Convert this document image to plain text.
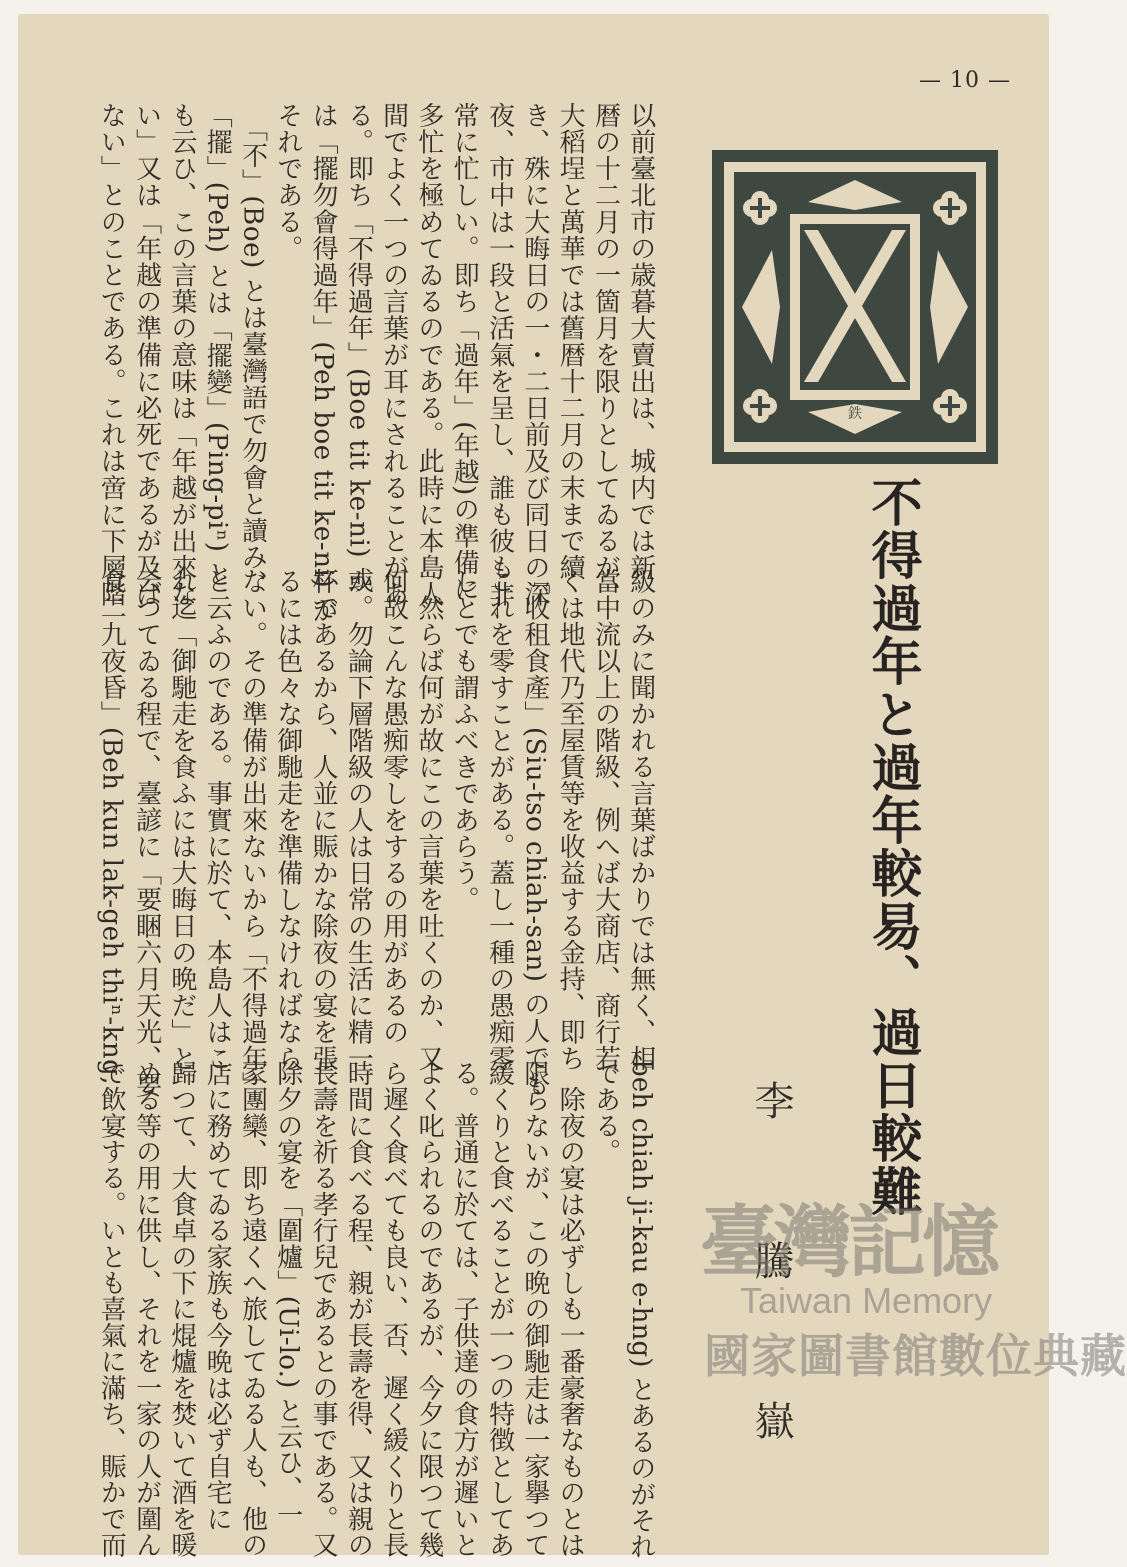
— 10 —
鉄
以前臺北市の歳暮大賣出は、城内では新
暦の十二月の一箇月を限りとしてゐるが、
大稻埕と萬華では舊暦十二月の末まで續
き、殊に大晦日の一・二日前及び同日の深
夜、市中は一段と活氣を呈し、誰も彼も非
常に忙しい。即ち「過年」(年越)の準備に
多忙を極めてゐるのである。此時に本島人
間でよく一つの言葉が耳にされることがあ
る。即ち「不得過年」(Boe tit ke-ni)
は「擺勿會得過年」(Peh boe tit ke-ni)
それである。
　「不」(Boe) とは臺灣語で勿會と讀み、
「擺」(Peh) とは「擺變」(Ping-piⁿ)
も云ひ、この言葉の意味は「年越が出來な
い」又は「年越の準備に必死であるが及ば
ない」とのことである。これは啻に下層階
級のみに聞かれる言葉ばかりでは無く、相
當中流以上の階級、例へば大商店、商行若
くは地代乃至屋賃等を收益する金持、即ち
「收租食產」(Siu-tso chiah-san) の人でも
これを零すことがある。蓋し一種の愚痴零
しとでも謂ふべきであらう。
　然らば何が故にこの言葉を吐くのか、又
何故こんな愚痴零しをするの用があるの
か。勿論下層階級の人は日常の生活に精一
杯であるから、人並に賑かな除夜の宴を張
るには色々な御馳走を準備しなければなら
ない。その準備が出來ないから「不得過年」
と云ふのである。事實に於て、本島人はこ
れ迄「御馳走を食ふには大晦日の晩だ」と
云つてゐる程で、臺諺に「要睏六月天光、要
食二九夜昏」(Beh kun lak-geh thiⁿ-kng,	beh chiah ji-kau e-hng) とあるのがそれ
である。
　除夜の宴は必ずしも一番豪奢なものとは
限らないが、この晩の御馳走は一家擧つて
緩くりと食べることが一つの特徴としてあ
る。普通に於ては、子供達の食方が遲いと
よく叱られるのであるが、今夕に限つて幾
ら遲く食べても良い、否、遲く緩くりと長
時間に食べる程、親が長壽を得、又は親の
長壽を祈る孝行兒であるとの事である。又
除夕の宴を「圍爐」(Ui-lo.) と云ひ、一
家團欒、即ち遠くへ旅してゐる人も、他の
店に務めてゐる家族も今晩は必ず自宅に
歸つて、大食卓の下に焜爐を焚いて酒を暖
める等の用に供し、それを一家の人が圍ん
で飲宴する。いとも喜氣に滿ち、賑かで而
不得過年と過年較易、過日較難
李騰嶽
臺灣記憶
Taiwan Memory
國家圖書館數位典藏
